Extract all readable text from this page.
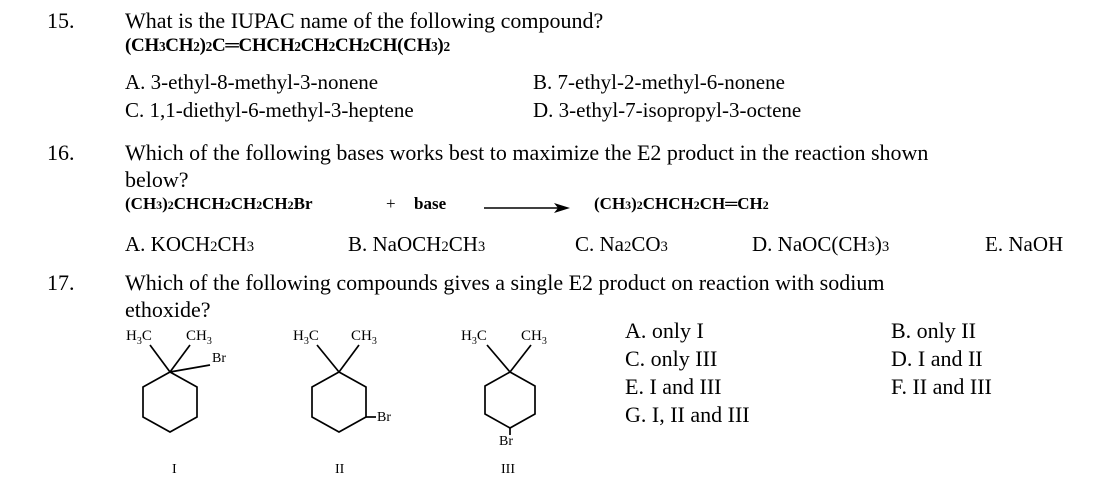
15. What is the IUPAC name of the following compound?
$(CH_3CH_2)_2C═CHCH_2CH_2CH_2CH(CH_3)_2$
A. 3-ethyl-8-methyl-3-nonene	B. 7-ethyl-2-methyl-6-nonene
C. 1,1-diethyl-6-methyl-3-heptene	D. 3-ethyl-7-isopropyl-3-octene
16. Which of the following bases works best to maximize the E2 product in the reaction shown
below?
$(CH_3)_2CHCH_2CH_2CH_2Br$	+ base	$(CH_3)_2CHCH_2CH═CH_2$
A. $KOCH_2CH_3$	B. $NaOCH_2CH_3$	C. $Na_2CO_3$	D. $NaOC(CH_3)_3$	E. NaOH
17. Which of the following compounds gives a single E2 product on reaction with sodium
ethoxide?
$H_3C$ $CH_3$
Br
I
$H_3C$ $CH_3$
Br
II
$H_3C$ $CH_3$
Br
III
A. only I	B. only II
C. only III	D. I and II
E. I and III	F. II and III
G. I, II and III
